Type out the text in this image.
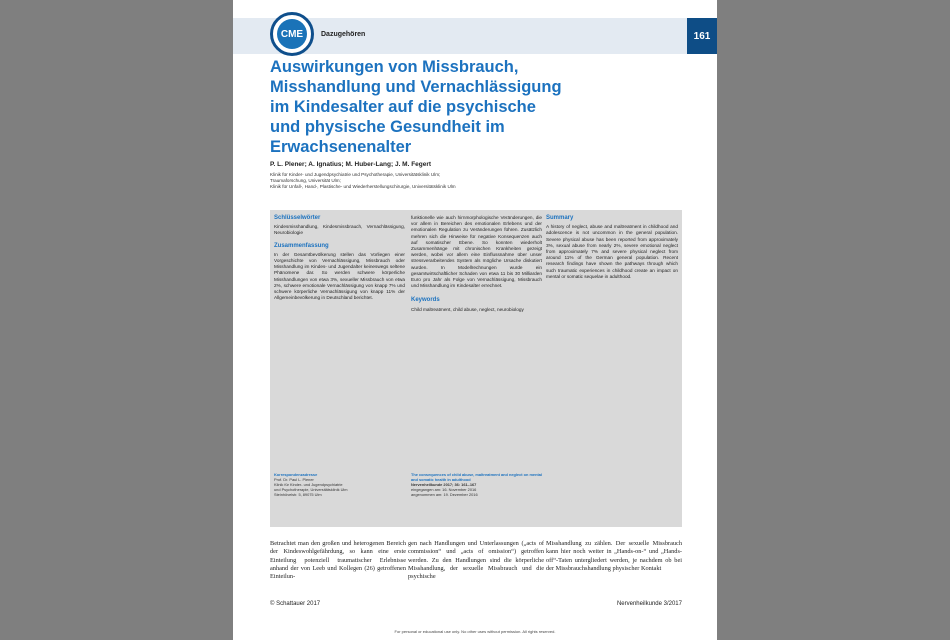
161
CME	Dazugehören
Auswirkungen von Missbrauch,
Misshandlung und Vernachlässigung
im Kindesalter auf die psychische
und physische Gesundheit im
Erwachsenenalter
P. L. Plener; A. Ignatius; M. Huber-Lang; J. M. Fegert
Klinik für Kinder- und Jugendpsychiatrie und Psychotherapie, Universitätsklinik Ulm;
Traumaforschung, Universität Ulm;
Klinik für Unfall-, Hand-, Plastische- und Wiederherstellungschirurgie, Universitätsklinik Ulm
Schlüsselwörter
Kindesmisshandlung, Kindesmissbrauch, Vernachlässigung, Neurobiologie
Zusammenfassung
In der Gesamtbevölkerung stellen das Vorliegen einer Vorgeschichte von Vernachlässigung, Missbrauch oder Misshandlung im Kindes- und Jugendalter keineswegs seltene Phänomene dar. So werden schwere körperliche Misshandlungen von etwa 3%, sexueller Missbrauch von etwa 2%, schwere emotionale Vernachlässigung von knapp 7% und schwere körperliche Vernachlässigung von knapp 11% der Allgemeinbevölkerung in Deutschland berichtet.
funktionelle wie auch hirnmorphologische Veränderungen, die vor allem in Bereichen des emotionalen Erlebens und der emotionalen Regulation zu Veränderungen führen. Zusätzlich mehren sich die Hinweise für negative Konsequenzen auch auf somatischer Ebene. So konnten wiederholt Zusammenhänge mit chronischen Krankheiten gezeigt werden, wobei vor allem eine Einflussnahme über unser stressverarbeitendes System als mögliche Ursache diskutiert wurden. In Modellrechnungen wurde ein gesamtwirtschaftlicher Schaden von etwa 11 bis 30 Milliarden Euro pro Jahr als Folge von Vernachlässigung, Missbrauch und Misshandlung im Kindesalter errechnet.
Keywords
Child maltreatment, child abuse, neglect, neurobiology
Summary
A history of neglect, abuse and maltreatment in childhood and adolescence is not uncommon in the general population. Severe physical abuse has been reported from approximately 3%, sexual abuse from nearly 2%, severe emotional neglect from approximately 7% and severe physical neglect from around 11% of the German general population. Recent research findings have shown the pathways through which such traumatic experiences in childhood create an impact on mental or somatic sequelae in adulthood.
Korrespondenzadresse
Prof. Dr. Paul L. Plener
Klinik für Kinder- und Jugendpsychiatrie
und Psychotherapie, Universitätsklinik Ulm
Steinhövelstr. 5, 89075 Ulm
The consequences of child abuse, maltreatment and neglect on mental and somatic health in adulthood
Nervenheilkunde 2017; 36: 161–167
eingegangen am: 16. November 2016
angenommen am: 19. Dezember 2016
Betrachtet man den großen und heterogenen Bereich der Kindeswohlgefährdung, so kann eine erste Einteilung potenziell traumatischer Erlebnisse anhand der von Leeb und Kollegen (26) getroffenen Einteilun-
gen nach Handlungen und Unterlassungen („acts of commission“ und „acts of omission“) getroffen werden. Zu den Handlungen sind die körperliche Misshandlung, der sexuelle Missbrauch und die psychische
Misshandlung zu zählen. Der sexuelle Missbrauch kann hier noch weiter in „Hands-on-“ und „Hands-off“-Taten untergliedert werden, je nachdem ob bei der Missbrauchshandlung physischer Kontakt
© Schattauer 2017	Nervenheilkunde 3/2017
For personal or educational use only. No other uses without permission. All rights reserved.
